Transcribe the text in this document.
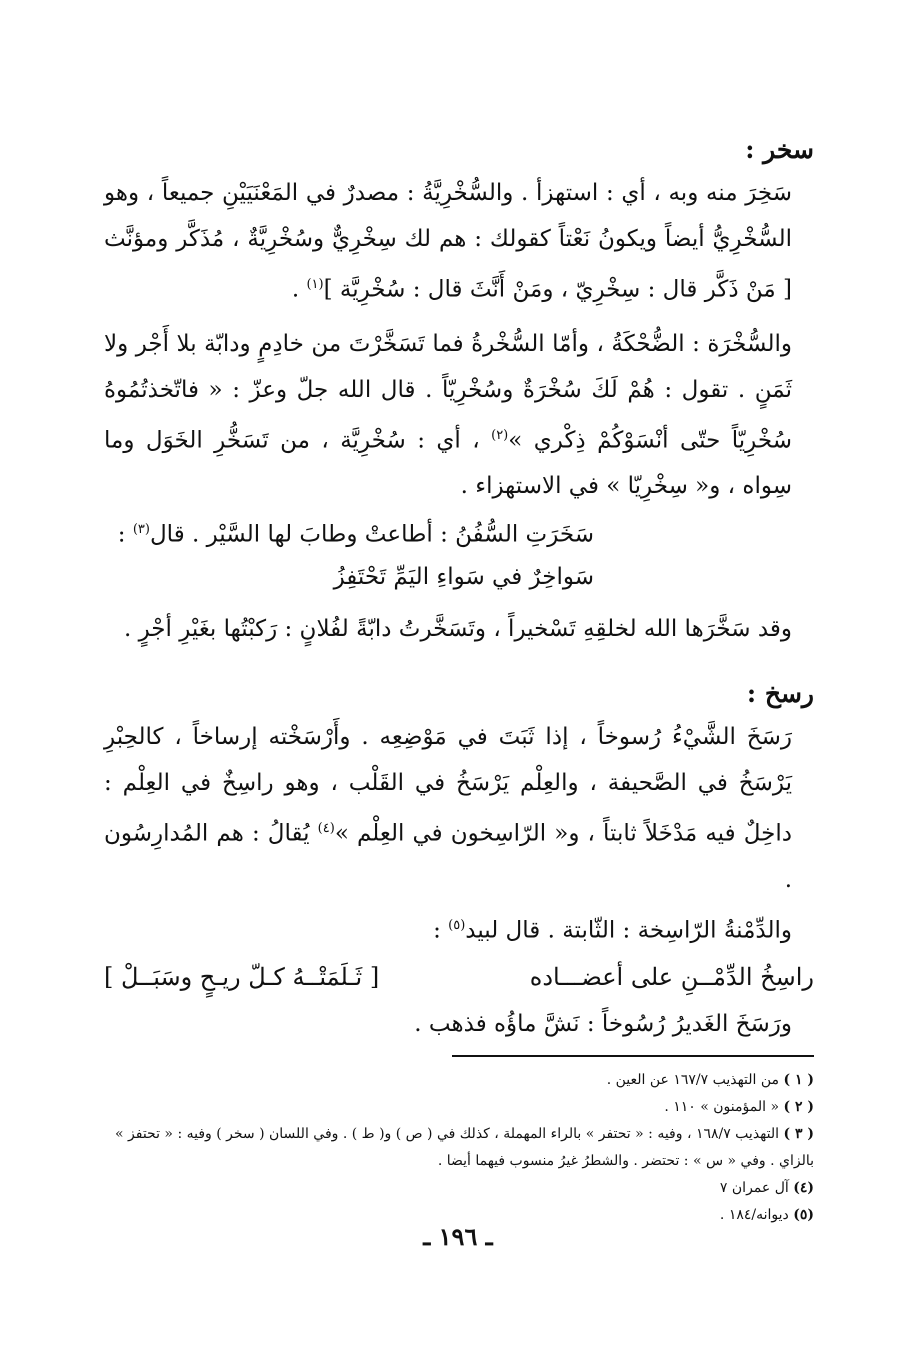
سخر :

سَخِرَ منه وبه ، أي : استهزأ . والسُّخْرِيَّةُ : مصدرٌ في المَعْنَيَيْنِ جميعاً ، وهو السُّخْرِيُّ أيضاً ويكونُ نَعْتاً كقولك : هم لك سِخْرِيٌّ وسُخْرِيَّةٌ ، مُذَكَّر ومؤنَّث [ مَنْ ذَكَّر قال : سِخْرِيّ ، ومَنْ أَنَّثَ قال : سُخْرِيَّة ]$^{(١)}$ .

والسُّخْرَة : الضُّحْكَةُ ، وأمّا السُّخْرةُ فما تَسَخَّرْتَ من خادِمٍ ودابّة بلا أَجْر ولا ثَمَنٍ . تقول : هُمْ لَكَ سُخْرَةٌ وسُخْرِيّاً . قال الله جلّ وعزّ : « فاتّخذتُمُوهُ سُخْرِيّاً حتّى أنْسَوْكُمْ ذِكْري »$^{(٢)}$ ، أي : سُخْرِيَّة ، من تَسَخُّرِ الخَوَل وما سِواه ، و« سِخْرِيّا » في الاستهزاء .

سَخَرَتِ السُّفُنُ : أطاعتْ وطابَ لها السَّيْر . قال$^{(٣)}$ :

سَواخِرٌ في سَواءِ اليَمِّ تَحْتَفِزُ

وقد سَخَّرَها الله لخلقِهِ تَسْخيراً ، وتَسَخَّرتُ دابّةً لفُلانٍ : رَكبْتُها بغَيْرِ أجْرٍ .

رسخ :

رَسَخَ الشَّيْءُ رُسوخاً ، إذا ثَبَتَ في مَوْضِعِه . وأَرْسَخْته إرساخاً ، كالحِبْرِ يَرْسَخُ في الصَّحيفة ، والعِلْم يَرْسَخُ في القَلْب ، وهو راسِخٌ في العِلْم : داخِلٌ فيه مَدْخَلاً ثابتاً ، و« الرّاسِخون في العِلْم »$^{(٤)}$ يُقالُ : هم المُدارِسُون .

والدِّمْنةُ الرّاسِخة : الثّابتة . قال لبيد$^{(٥)}$ :

راسِخُ الدِّمْــنِ على أعضـــاده
[ ثَـلَمَتْــهُ كـلّ ريـحٍ وسَبَــلْ ]

ورَسَخَ الغَديرُ رُسُوخاً : نَشَّ ماؤُه فذهب .

( ١ ) من التهذيب ١٦٧/٧ عن العين .

( ٢ ) « المؤمنون » ١١٠ .

( ٣ ) التهذيب ١٦٨/٧ ، وفيه : « تحتفر » بالراء المهملة ، كذلك في ( ص ) و( ط ) . وفي اللسان ( سخر ) وفيه : « تحتفز » بالزاي . وفي « س » : تحتضر . والشطرُ غيرُ منسوب فيهما أيضا .

(٤) آل عمران ٧

(٥) ديوانه/١٨٤ .

ـ ١٩٦ ـ
